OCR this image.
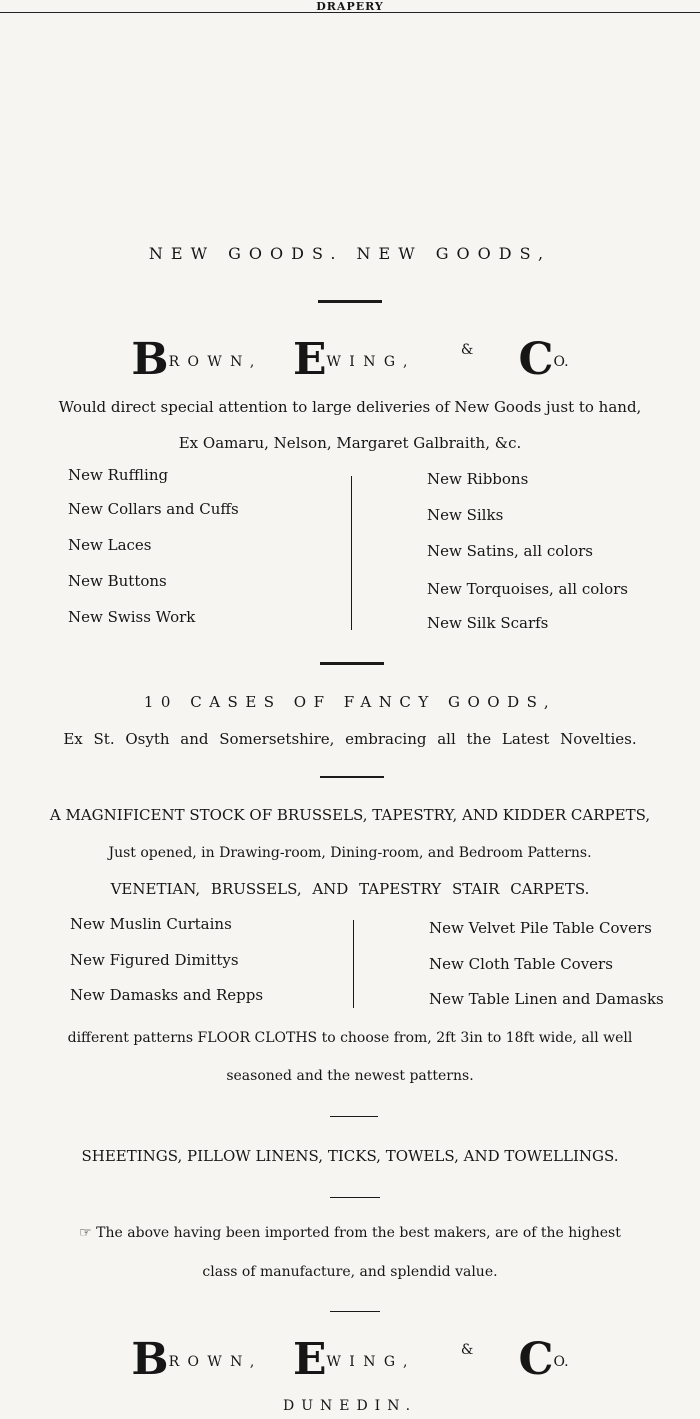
DRAPERY
NEW GOODS. NEW GOODS,
BROWN, EWING, & CO.
Would direct special attention to large deliveries of New Goods just to hand,
Ex Oamaru, Nelson, Margaret Galbraith, &c.
New Ruffling
New Collars and Cuffs
New Laces
New Buttons
New Swiss Work
New Ribbons
New Silks
New Satins, all colors
New Torquoises, all colors
New Silk Scarfs
10 CASES OF FANCY GOODS,
Ex St. Osyth and Somersetshire, embracing all the Latest Novelties.
A MAGNIFICENT STOCK OF BRUSSELS, TAPESTRY, AND KIDDER CARPETS,
Just opened, in Drawing-room, Dining-room, and Bedroom Patterns.
VENETIAN, BRUSSELS, AND TAPESTRY STAIR CARPETS.
New Muslin Curtains
New Figured Dimittys
New Damasks and Repps
New Velvet Pile Table Covers
New Cloth Table Covers
New Table Linen and Damasks
different patterns FLOOR CLOTHS to choose from, 2ft 3in to 18ft wide, all well
seasoned and the newest patterns.
SHEETINGS, PILLOW LINENS, TICKS, TOWELS, AND TOWELLINGS.
☞ The above having been imported from the best makers, are of the highest
class of manufacture, and splendid value.
BROWN, EWING, & CO.
DUNEDIN.
